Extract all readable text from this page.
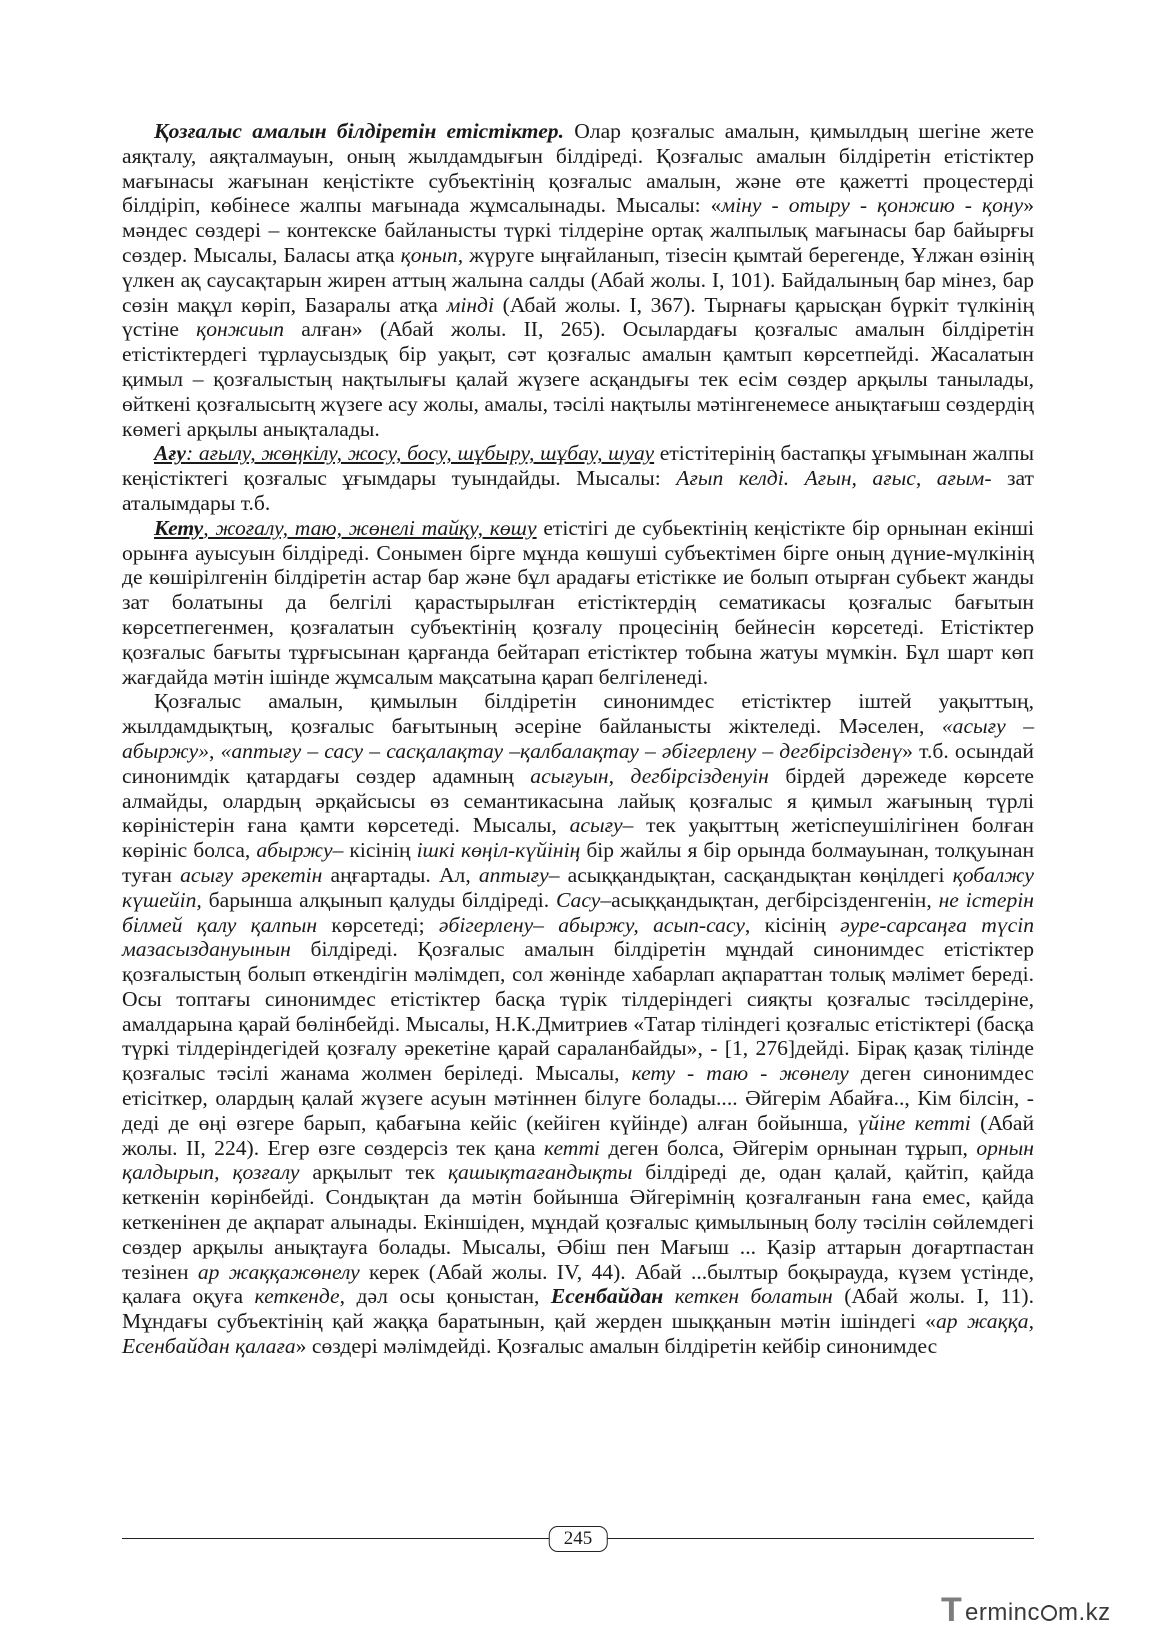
Қозғалыс амалын білдіретін етістіктер. Олар қозғалыс амалын, қимылдың шегіне жете аяқталу, аяқталмауын, оның жылдамдығын білдіреді. Қозғалыс амалын білдіретін етістіктер мағынасы жағынан кеңістікте субъектінің қозғалыс амалын, және өте қажетті процестерді білдіріп, көбінесе жалпы мағынада жұмсалынады. Мысалы: «міну - отыру - қонжию - қону» мәндес сөздері – контекске байланысты түркі тілдеріне ортақ жалпылық мағынасы бар байырғы сөздер. Мысалы, Баласы атқа қонып, жүруге ыңғайланып, тізесін қымтай берегенде, Ұлжан өзінің үлкен ақ саусақтарын жирен аттың жалына салды (Абай жолы. І, 101). Байдалының бар мінез, бар сөзін мақұл көріп, Базаралы атқа мінді (Абай жолы. І, 367). Тырнағы қарысқан бүркіт түлкінің үстіне қонжиып алған» (Абай жолы. ІІ, 265). Осылардағы қозғалыс амалын білдіретін етістіктердегі тұрлаусыздық бір уақыт, сәт қозғалыс амалын қамтып көрсетпейді. Жасалатын қимыл – қозғалыстың нақтылығы қалай жүзеге асқандығы тек есім сөздер арқылы танылады, өйткені қозғалысытң жүзеге асу жолы, амалы, тәсілі нақтылы мәтінгенемесе анықтағыш сөздердің көмегі арқылы анықталады.

Ағу: ағылу, жөңкілу, жосу, босу, шұбыру, шұбау, шуау етістітерінің бастапқы ұғымынан жалпы кеңістіктегі қозғалыс ұғымдары туындайды. Мысалы: Ағып келді. Ағын, ағыс, ағым- зат аталымдары т.б.

Кету, жоғалу, таю, жөнелі тайқу, көшу етістігі де субьектінің кеңістікте бір орнынан екінші орынға ауысуын білдіреді. Сонымен бірге мұнда көшуші субъектімен бірге оның дүние-мүлкінің де көшірілгенін білдіретін астар бар және бұл арадағы етістікке ие болып отырған субьект жанды зат болатыны да белгілі қарастырылған етістіктердің сематикасы қозғалыс бағытын көрсетпегенмен, қозғалатын субъектінің қозғалу процесінің бейнесін көрсетеді. Етістіктер қозғалыс бағыты тұрғысынан қарғанда бейтарап етістіктер тобына жатуы мүмкін. Бұл шарт көп жағдайда мәтін ішінде жұмсалым мақсатына қарап белгіленеді.

Қозғалыс амалын, қимылын білдіретін синонимдес етістіктер іштей уақыттың, жылдамдықтың, қозғалыс бағытының әсеріне байланысты жіктеледі. Мәселен, «асығу – абыржу», «аптығу – сасу – сасқалақтау –қалбалақтау – әбігерлену – дегбірсізденү» т.б. осындай синонимдік қатардағы сөздер адамның асығуын, дегбірсізденуін бірдей дәрежеде көрсете алмайды, олардың әрқайсысы өз семантикасына лайық қозғалыс я қимыл жағының түрлі көріністерін ғана қамти көрсетеді. Мысалы, асығу– тек уақыттың жетіспеушілігінен болған көрініс болса, абыржу– кісінің ішкі көңіл-күйінің бір жайлы я бір орында болмауынан, толқуынан туған асығу әрекетін аңғартады. Ал, аптығу– асыққандықтан, сасқандықтан көңілдегі қобалжу күшейіп, барынша алқынып қалуды білдіреді. Сасу–асыққандықтан, дегбірсізденгенін, не істерін білмей қалу қалпын көрсетеді; әбігерлену– абыржу, асып-сасу, кісінің әуре-сарсаңға түсіп мазасыздануынын білдіреді. Қозғалыс амалын білдіретін мұндай синонимдес етістіктер қозғалыстың болып өткендігін мәлімдеп, сол жөнінде хабарлап ақпараттан толық мәлімет береді. Осы топтағы синонимдес етістіктер басқа түрік тілдеріндегі сияқты қозғалыс тәсілдеріне, амалдарына қарай бөлінбейді. Мысалы, Н.К.Дмитриев «Татар тіліндегі қозғалыс етістіктері (басқа түркі тілдеріндегідей қозғалу әрекетіне қарай сараланбайды», - [1, 276]дейді. Бірақ қазақ тілінде қозғалыс тәсілі жанама жолмен беріледі. Мысалы, кету - таю - жөнелу деген синонимдес етісіткер, олардың қалай жүзеге асуын мәтіннен білуге болады.... Әйгерім Абайға.., Кім білсін, - деді де өңі өзгере барып, қабағына кейіс (кейіген күйінде) алған бойынша, үйіне кетті (Абай жолы. ІІ, 224). Егер өзге сөздерсіз тек қана кетті деген болса, Әйгерім орнынан тұрып, орнын қалдырып, қозғалу арқылыт тек қашықтағандықты білдіреді де, одан қалай, қайтіп, қайда кеткенін көрінбейді. Сондықтан да мәтін бойынша Әйгерімнің қозғалғанын ғана емес, қайда кеткенінен де ақпарат алынады. Екіншіден, мұндай қозғалыс қимылының болу тәсілін сөйлемдегі сөздер арқылы анықтауға болады. Мысалы, Әбіш пен Мағыш ... Қазір аттарын доғартпастан тезінен ар жаққажөнелу керек (Абай жолы. ІV, 44). Абай ...былтыр боқырауда, күзем үстінде, қалаға оқуға кеткенде, дәл осы қоныстан, Есенбайдан кеткен болатын (Абай жолы. І, 11). Мұндағы субъектінің қай жаққа баратынын, қай жерден шыққанын мәтін ішіндегі «ар жаққа, Есенбайдан қалаға» сөздері мәлімдейді. Қозғалыс амалын білдіретін кейбір синонимдес

245
T erminc m.kz
